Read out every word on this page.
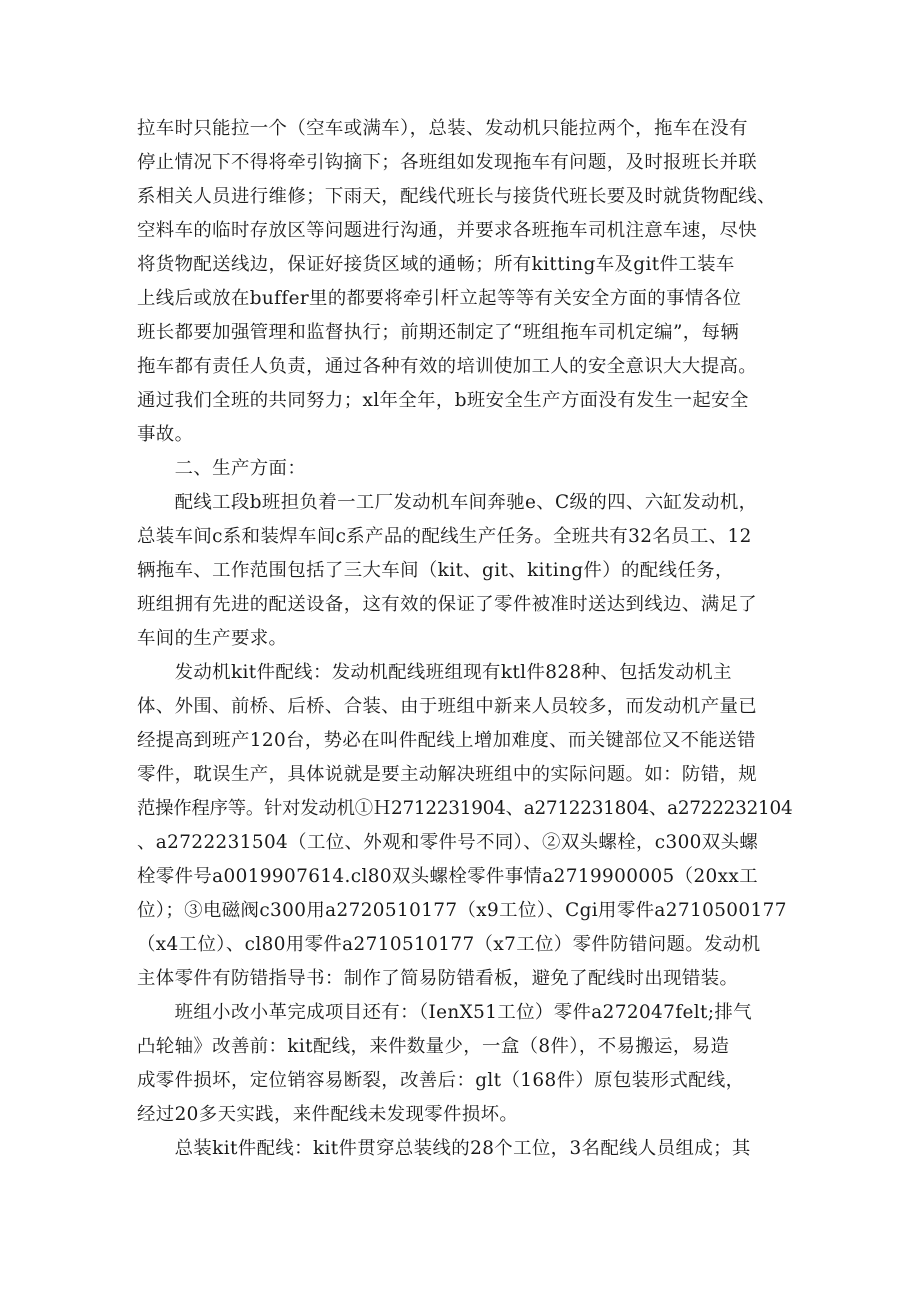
拉车时只能拉一个（空车或满车），总装、发动机只能拉两个，拖车在没有
停止情况下不得将牵引钩摘下；各班组如发现拖车有问题，及时报班长并联
系相关人员进行维修；下雨天，配线代班长与接货代班长要及时就货物配线、
空料车的临时存放区等问题进行沟通，并要求各班拖车司机注意车速，尽快
将货物配送线边，保证好接货区域的通畅；所有kitting车及git件工装车
上线后或放在buffer里的都要将牵引杆立起等等有关安全方面的事情各位
班长都要加强管理和监督执行；前期还制定了“班组拖车司机定编”，每辆
拖车都有责任人负责，通过各种有效的培训使加工人的安全意识大大提高。
通过我们全班的共同努力；xl年全年，b班安全生产方面没有发生一起安全
事故。
　　二、生产方面：
　　配线工段b班担负着一工厂发动机车间奔驰e、C级的四、六缸发动机，
总装车间c系和装焊车间c系产品的配线生产任务。全班共有32名员工、12
辆拖车、工作范围包括了三大车间（kit、git、kiting件）的配线任务，
班组拥有先进的配送设备，这有效的保证了零件被准时送达到线边、满足了
车间的生产要求。
　　发动机kit件配线：发动机配线班组现有ktl件828种、包括发动机主
体、外围、前桥、后桥、合装、由于班组中新来人员较多，而发动机产量已
经提高到班产120台，势必在叫件配线上增加难度、而关键部位又不能送错
零件，耽误生产，具体说就是要主动解决班组中的实际问题。如：防错，规
范操作程序等。针对发动机①Ｈ2712231904、a2712231804、a2722232104
、a2722231504（工位、外观和零件号不同）、②双头螺栓，c300双头螺
栓零件号a0019907614.cl80双头螺栓零件事情a2719900005（20xx工
位）；③电磁阀c300用a2720510177（x9工位）、Cgi用零件a2710500177
（x4工位）、cl80用零件a2710510177（x7工位）零件防错问题。发动机
主体零件有防错指导书：制作了简易防错看板，避免了配线时出现错装。
　　班组小改小革完成项目还有：（IenX51工位）零件a272047felt;排气
凸轮轴》改善前：kit配线，来件数量少，一盒（8件），不易搬运，易造
成零件损坏，定位销容易断裂，改善后：glt（168件）原包装形式配线，
经过20多天实践，来件配线未发现零件损坏。
　　总装kit件配线：kit件贯穿总装线的28个工位，3名配线人员组成；其
